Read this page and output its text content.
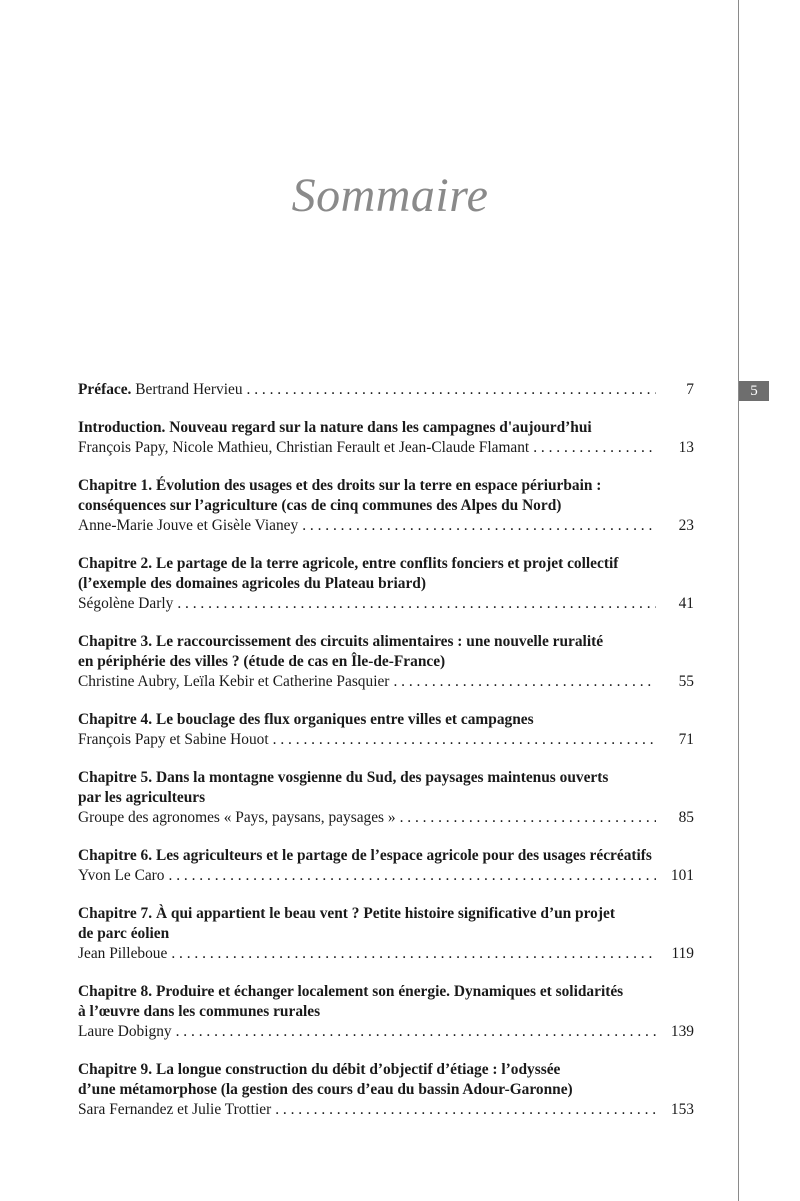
5
Sommaire
Préface. Bertrand Hervieu . . .	7
Introduction. Nouveau regard sur la nature dans les campagnes d'aujourd’hui
François Papy, Nicole Mathieu, Christian Ferault et Jean-Claude Flamant . . .	13
Chapitre 1. Évolution des usages et des droits sur la terre en espace périurbain :
conséquences sur l’agriculture (cas de cinq communes des Alpes du Nord)
Anne-Marie Jouve et Gisèle Vianey . . .	23
Chapitre 2. Le partage de la terre agricole, entre conflits fonciers et projet collectif
(l’exemple des domaines agricoles du Plateau briard)
Ségolène Darly . . .	41
Chapitre 3. Le raccourcissement des circuits alimentaires : une nouvelle ruralité
en périphérie des villes ? (étude de cas en Île-de-France)
Christine Aubry, Leïla Kebir et Catherine Pasquier . . .	55
Chapitre 4. Le bouclage des flux organiques entre villes et campagnes
François Papy et Sabine Houot . . .	71
Chapitre 5. Dans la montagne vosgienne du Sud, des paysages maintenus ouverts
par les agriculteurs
Groupe des agronomes « Pays, paysans, paysages » . . .	85
Chapitre 6. Les agriculteurs et le partage de l’espace agricole pour des usages récréatifs
Yvon Le Caro . . .	101
Chapitre 7. À qui appartient le beau vent ? Petite histoire significative d’un projet
de parc éolien
Jean Pilleboue . . .	119
Chapitre 8. Produire et échanger localement son énergie. Dynamiques et solidarités
à l’œuvre dans les communes rurales
Laure Dobigny . . .	139
Chapitre 9. La longue construction du débit d’objectif d’étiage : l’odyssée
d’une métamorphose (la gestion des cours d’eau du bassin Adour-Garonne)
Sara Fernandez et Julie Trottier . . .	153
